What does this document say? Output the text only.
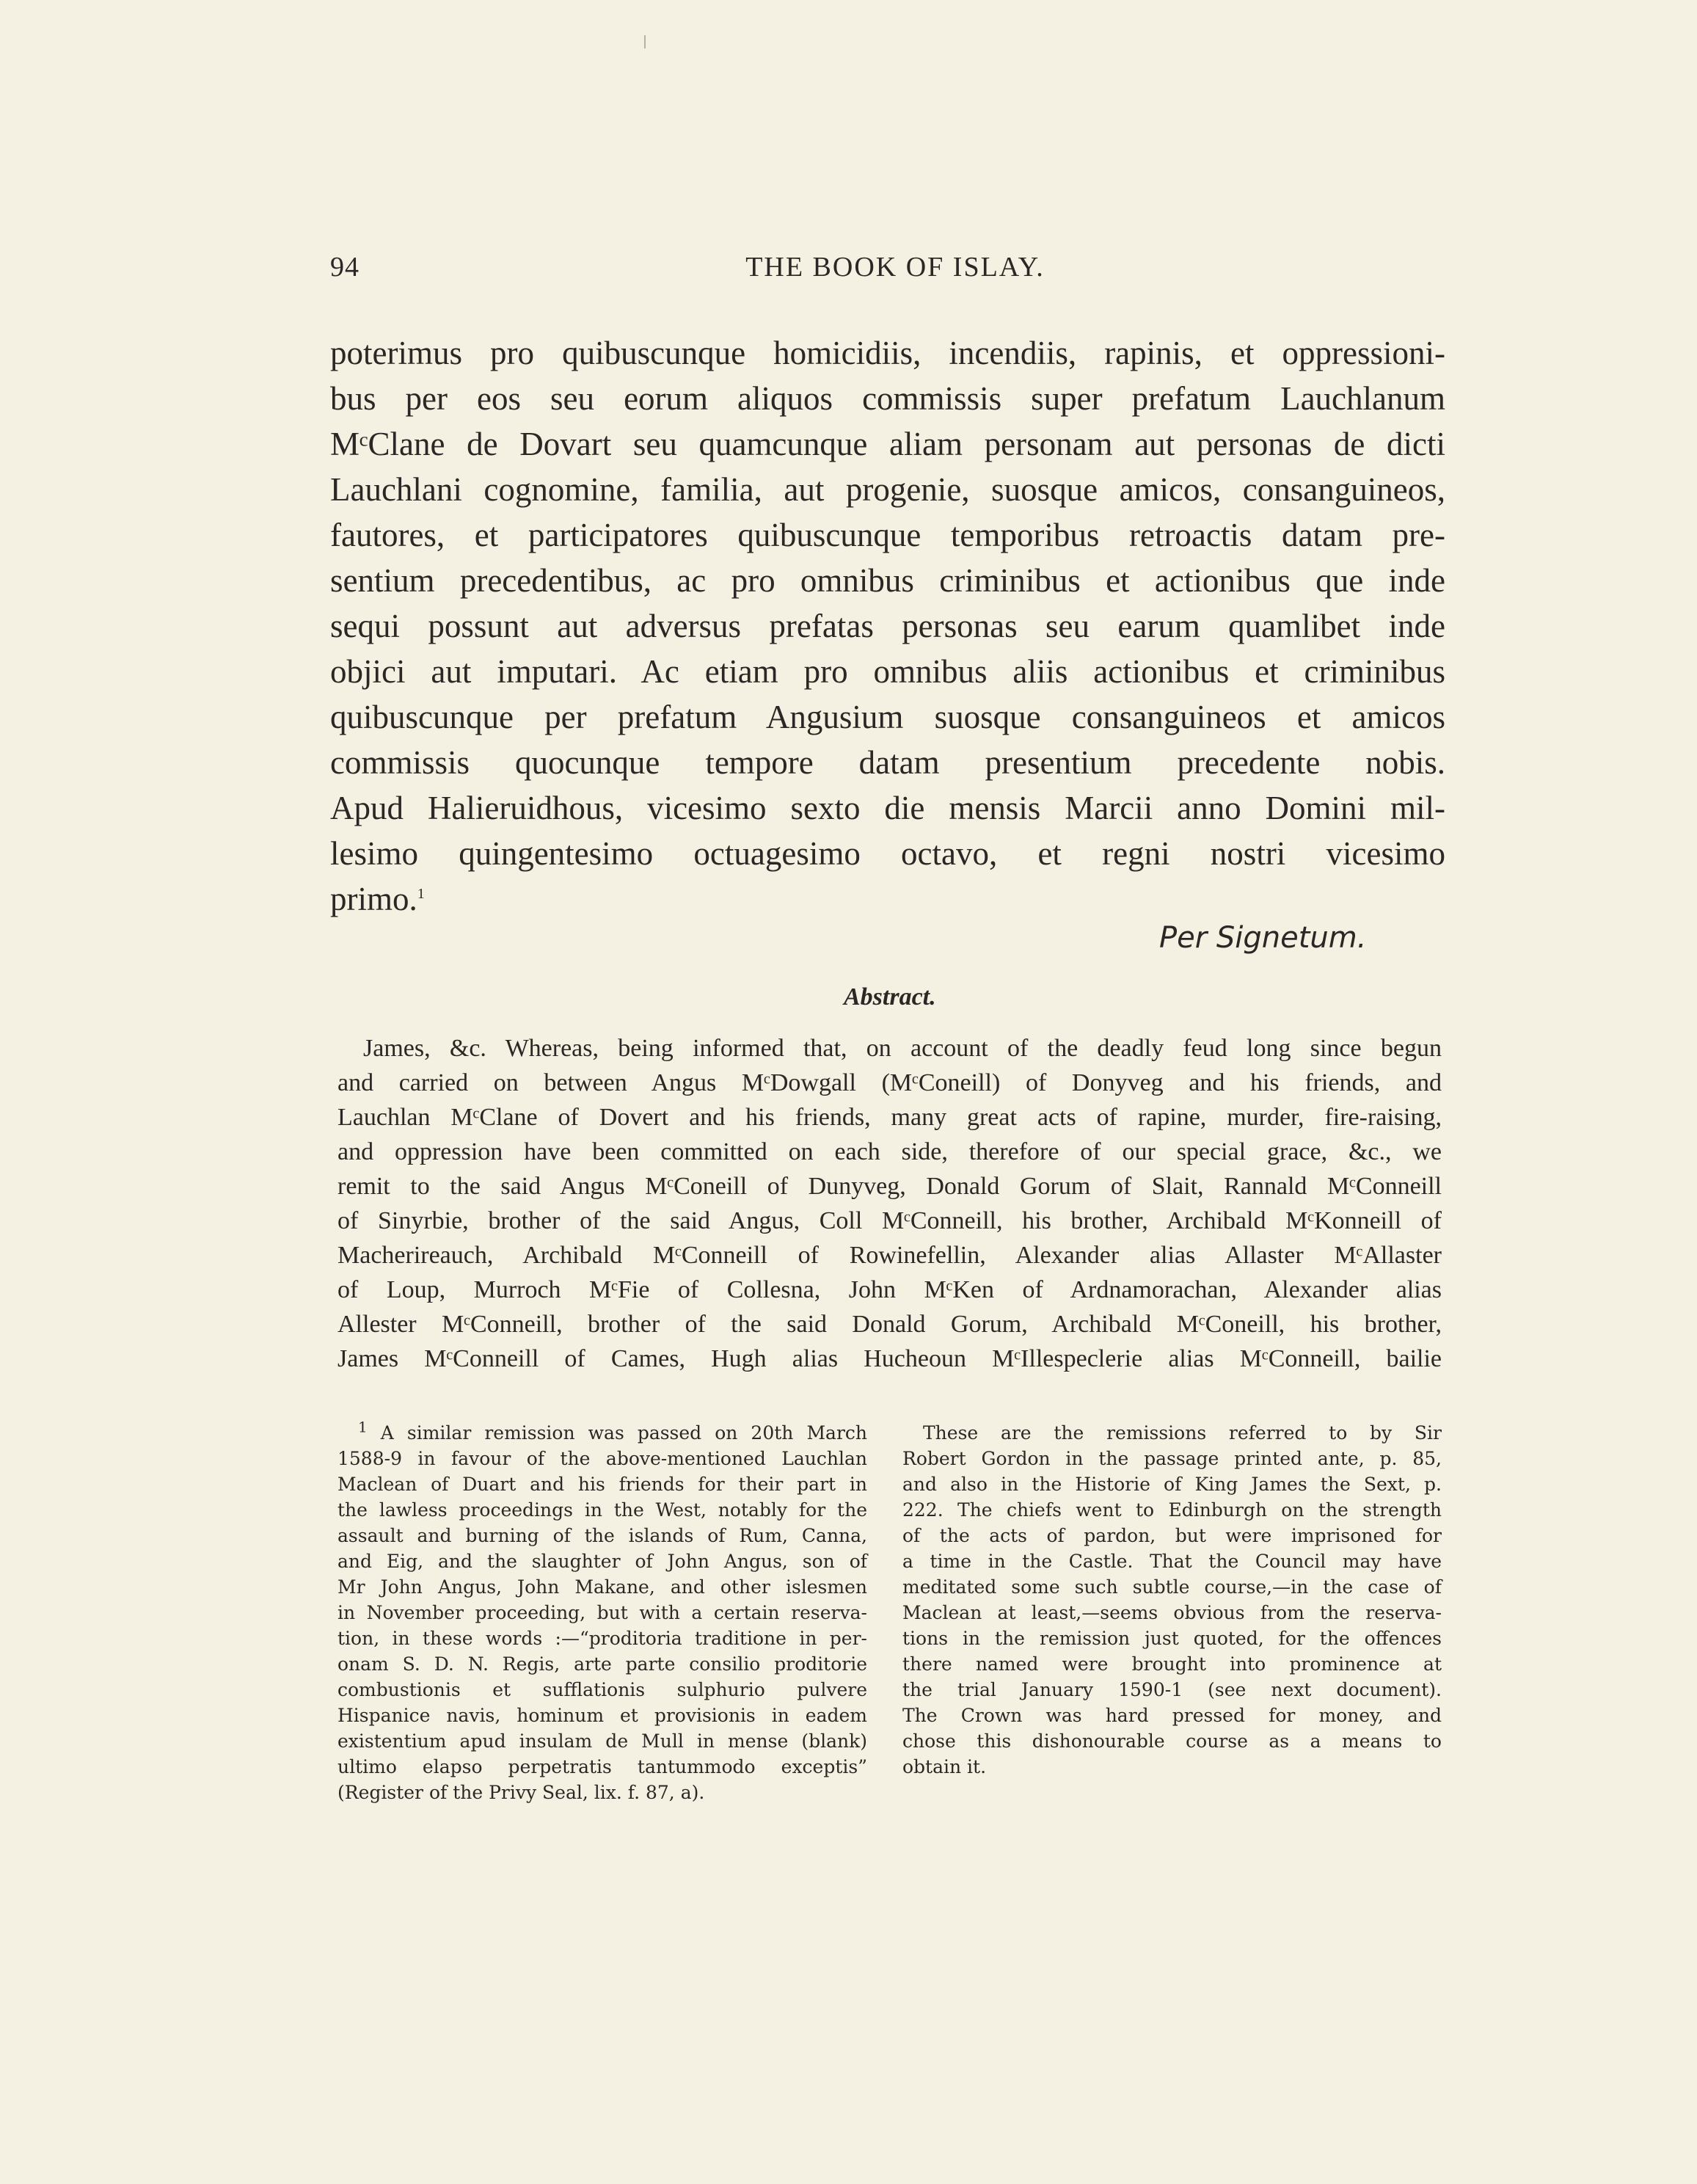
94	THE BOOK OF ISLAY.
poterimus pro quibuscunque homicidiis, incendiis, rapinis, et oppressioni-
bus per eos seu eorum aliquos commissis super prefatum Lauchlanum
MᶜClane de Dovart seu quamcunque aliam personam aut personas de dicti
Lauchlani cognomine, familia, aut progenie, suosque amicos, consanguineos,
fautores, et participatores quibuscunque temporibus retroactis datam pre-
sentium precedentibus, ac pro omnibus criminibus et actionibus que inde
sequi possunt aut adversus prefatas personas seu earum quamlibet inde
objici aut imputari. Ac etiam pro omnibus aliis actionibus et criminibus
quibuscunque per prefatum Angusium suosque consanguineos et amicos
commissis quocunque tempore datam presentium precedente nobis.
Apud Halieruidhous, vicesimo sexto die mensis Marcii anno Domini mil-
lesimo quingentesimo octuagesimo octavo, et regni nostri vicesimo
primo.$^1$
Per Signetum.
Abstract.
James, &c. Whereas, being informed that, on account of the deadly feud long since begun
and carried on between Angus MᶜDowgall (MᶜConeill) of Donyveg and his friends, and
Lauchlan MᶜClane of Dovert and his friends, many great acts of rapine, murder, fire-raising,
and oppression have been committed on each side, therefore of our special grace, &c., we
remit to the said Angus MᶜConeill of Dunyveg, Donald Gorum of Slait, Rannald MᶜConneill
of Sinyrbie, brother of the said Angus, Coll MᶜConneill, his brother, Archibald MᶜKonneill of
Macherireauch, Archibald MᶜConneill of Rowinefellin, Alexander alias Allaster MᶜAllaster
of Loup, Murroch MᶜFie of Collesna, John MᶜKen of Ardnamorachan, Alexander alias
Allester MᶜConneill, brother of the said Donald Gorum, Archibald MᶜConeill, his brother,
James MᶜConneill of Cames, Hugh alias Hucheoun MᶜIllespeclerie alias MᶜConneill, bailie
$^1$ A similar remission was passed on 20th March
1588-9 in favour of the above-mentioned Lauchlan
Maclean of Duart and his friends for their part in
the lawless proceedings in the West, notably for the
assault and burning of the islands of Rum, Canna,
and Eig, and the slaughter of John Angus, son of
Mr John Angus, John Makane, and other islesmen
in November proceeding, but with a certain reserva-
tion, in these words :—“proditoria traditione in per-
onam S. D. N. Regis, arte parte consilio proditorie
combustionis et sufflationis sulphurio pulvere
Hispanice navis, hominum et provisionis in eadem
existentium apud insulam de Mull in mense (blank)
ultimo elapso perpetratis tantummodo exceptis”
(Register of the Privy Seal, lix. f. 87, a).
These are the remissions referred to by Sir
Robert Gordon in the passage printed ante, p. 85,
and also in the Historie of King James the Sext, p.
222. The chiefs went to Edinburgh on the strength
of the acts of pardon, but were imprisoned for
a time in the Castle. That the Council may have
meditated some such subtle course,—in the case of
Maclean at least,—seems obvious from the reserva-
tions in the remission just quoted, for the offences
there named were brought into prominence at
the trial January 1590-1 (see next document).
The Crown was hard pressed for money, and
chose this dishonourable course as a means to
obtain it.
